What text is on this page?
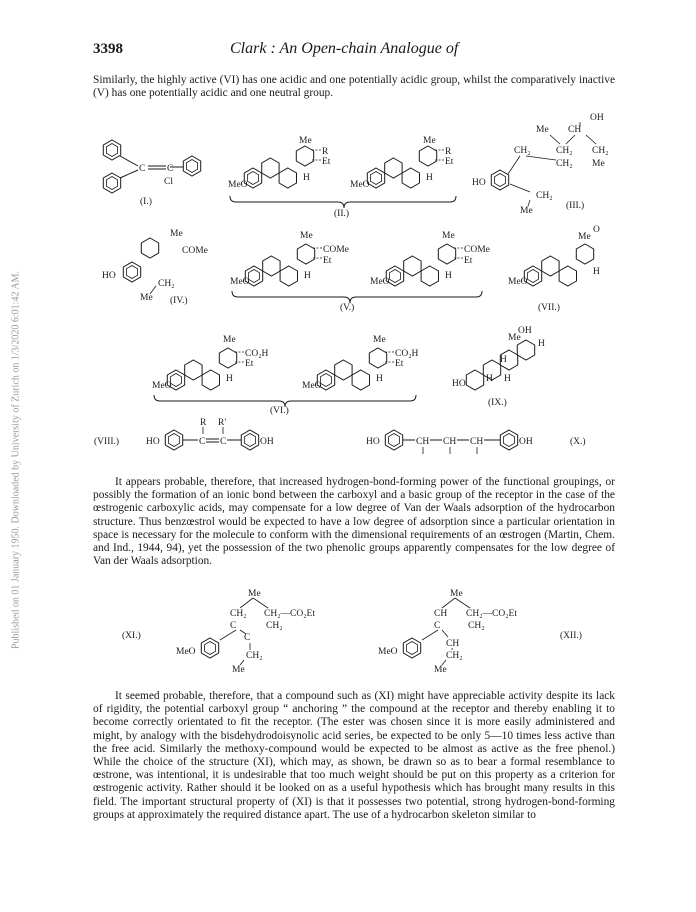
3398	Clark : An Open-chain Analogue of
Published on 01 January 1950. Downloaded by University of Zurich on 1/3/2020 6:01:42 AM.

Similarly, the highly active (VI) has one acidic and one potentially acidic group, whilst the comparatively inactive (V) has one potentially acidic and one neutral group.

C C
Cl
(I.)
Me
R
Et
H
MeO
Me
R
Et
H
MeO
(II.)
HO
OH
Me CH
CH₂	CH₂ CH₂
CH₂ Me
CH₂
Me	(III.)
Me
COMe
HO
CH₂
Me (IV.)
Me
COMe
Et
H
MeO
Me
COMe
Et
H
MeO
(V.)
Me
O
H
MeO
(VII.)
Me
CO₂H
Et
H
MeO
Me
CO₂H
Et
H
MeO
(VI.)
OH
Me
H
H
H H
HO
(IX.)
(VIII.)	HO	C C	OH
R R′
HO	CH CH CH	OH	(X.)

It appears probable, therefore, that increased hydrogen-bond-forming power of the functional groupings, or possibly the formation of an ionic bond between the carboxyl and a basic group of the receptor in the case of the œstrogenic carboxylic acids, may compensate for a low degree of Van der Waals adsorption of the hydrocarbon structure. Thus benzœstrol would be expected to have a low degree of adsorption since a particular orientation in space is necessary for the molecule to conform with the dimensional requirements of an œstrogen (Martin, Chem. and Ind., 1944, 94), yet the possession of the two phenolic groups apparently compensates for the low degree of Van der Waals adsorption.

(XI.)
MeO
Me
CH₂ CH₂—CO₂Et
C	CH₂
C
CH₂
Me
MeO
Me
CH CH₂—CO₂Et
C	CH₂
CH
CH₂
Me
(XII.)

It seemed probable, therefore, that a compound such as (XI) might have appreciable activity despite its lack of rigidity, the potential carboxyl group “ anchoring ” the compound at the receptor and thereby enabling it to become correctly orientated to fit the receptor. (The ester was chosen since it is more easily administered and might, by analogy with the bisdehydrodoisynolic acid series, be expected to be only 5—10 times less active than the free acid. Similarly the methoxy-compound would be expected to be almost as active as the free phenol.) While the choice of the structure (XI), which may, as shown, be drawn so as to bear a formal resemblance to œstrone, was intentional, it is undesirable that too much weight should be put on this property as a criterion for œstrogenic activity. Rather should it be looked on as a useful hypothesis which has brought many results in this field. The important structural property of (XI) is that it possesses two potential, strong hydrogen-bond-forming groups at approximately the required distance apart. The use of a hydrocarbon skeleton similar to
